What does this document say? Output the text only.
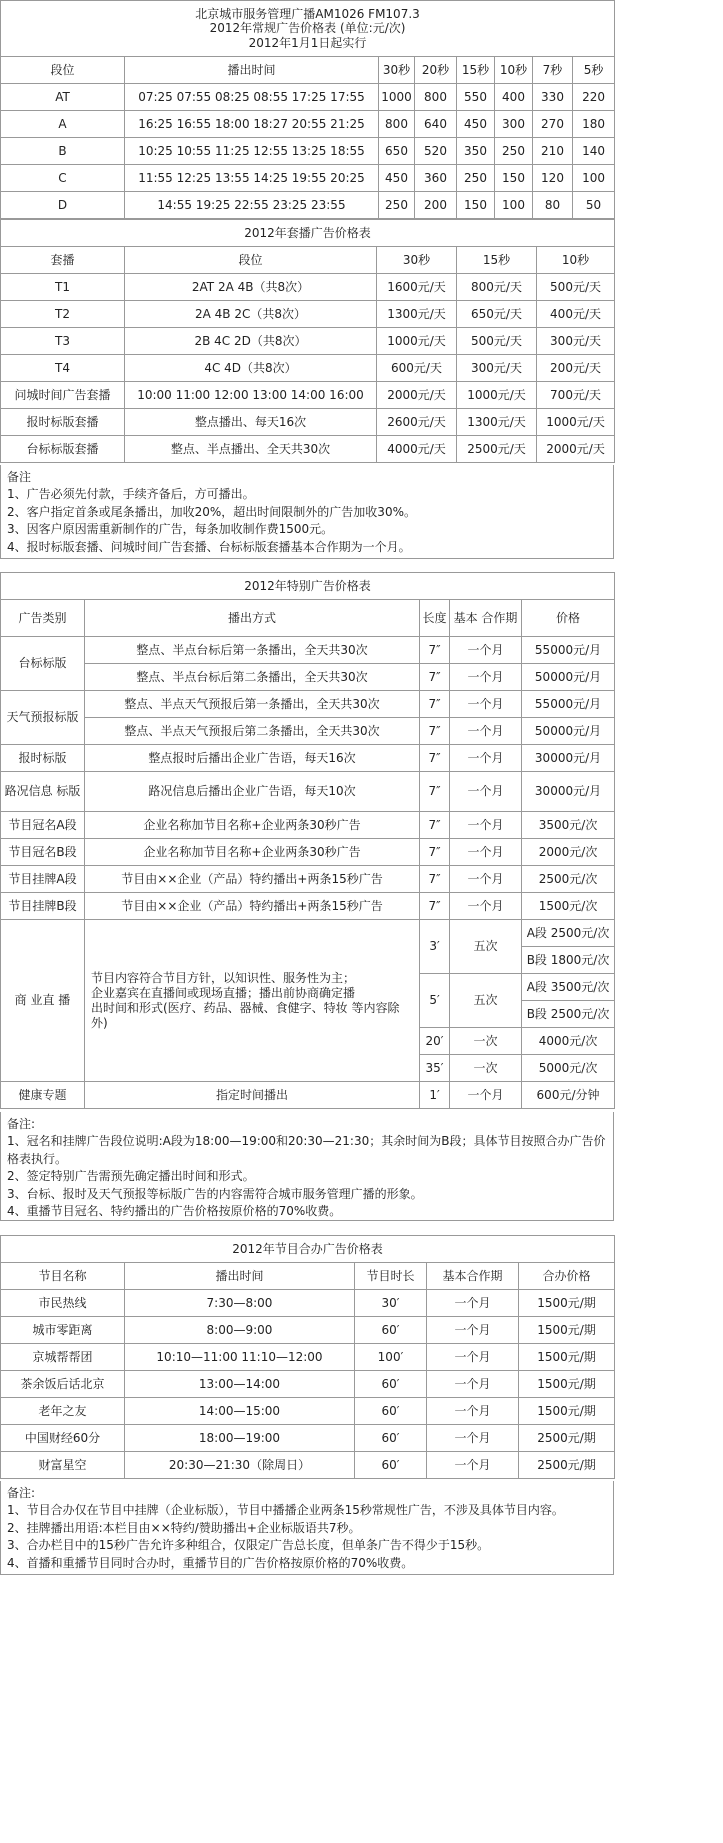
北京城市服务管理广播AM1026 FM107.3
2012年常规广告价格表 (单位:元/次)
2012年1月1日起实行							

段位	播出时间	30秒	20秒	15秒	10秒	7秒	5秒
AT	07:25 07:55 08:25 08:55 17:25 17:55	1000	800	550	400	330	220
A	16:25 16:55 18:00 18:27 20:55 21:25	800	640	450	300	270	180
B	10:25 10:55 11:25 12:55 13:25 18:55	650	520	350	250	210	140
C	11:55 12:25 13:55 14:25 19:55 20:25	450	360	250	150	120	100
D	14:55 19:25 22:55 23:25 23:55	250	200	150	100	80	50
2012年套播广告价格表				
套播	段位	30秒	15秒	10秒
T1	2AT 2A 4B（共8次）	1600元/天	800元/天	500元/天
T2	2A 4B 2C（共8次）	1300元/天	650元/天	400元/天
T3	2B 4C 2D（共8次）	1000元/天	500元/天	300元/天
T4	4C 4D（共8次）	600元/天	300元/天	200元/天
问城时间广告套播	10:00 11:00 12:00 13:00 14:00 16:00	2000元/天	1000元/天	700元/天
报时标版套播	整点播出、每天16次	2600元/天	1300元/天	1000元/天
台标标版套播	整点、半点播出、全天共30次	4000元/天	2500元/天	2000元/天
备注
1、广告必须先付款，手续齐备后，方可播出。
2、客户指定首条或尾条播出，加收20%，超出时间限制外的广告加收30%。
3、因客户原因需重新制作的广告，每条加收制作费1500元。
4、报时标版套播、问城时间广告套播、台标标版套播基本合作期为一个月。
2012年特别广告价格表				
广告类别	播出方式	长度	基本 合作期	价格
台标标版	整点、半点台标后第一条播出，全天共30次	7″	一个月	55000元/月
	整点、半点台标后第二条播出，全天共30次	7″	一个月	50000元/月
天气预报标版	整点、半点天气预报后第一条播出，全天共30次	7″	一个月	55000元/月
	整点、半点天气预报后第二条播出，全天共30次	7″	一个月	50000元/月
报时标版	整点报时后播出企业广告语，每天16次	7″	一个月	30000元/月
路况信息 标版	路况信息后播出企业广告语，每天10次	7″	一个月	30000元/月
节目冠名A段	企业名称加节目名称+企业两条30秒广告	7″	一个月	3500元/次
节目冠名B段	企业名称加节目名称+企业两条30秒广告	7″	一个月	2000元/次
节目挂牌A段	节目由××企业（产品）特约播出+两条15秒广告	7″	一个月	2500元/次
节目挂牌B段	节目由××企业（产品）特约播出+两条15秒广告	7″	一个月	1500元/次
商 业直 播	节目内容符合节目方针，以知识性、服务性为主；
企业嘉宾在直播间或现场直播；播出前协商确定播
出时间和形式(医疗、药品、器械、食健字、特妆 等内容除
外)	3′	五次	A段 2500元/次
				B段 1800元/次
		5′	五次	A段 3500元/次
				B段 2500元/次
		20′	一次	4000元/次
		35′	一次	5000元/次
健康专题	指定时间播出	1′	一个月	600元/分钟
备注:
1、冠名和挂牌广告段位说明:A段为18:00—19:00和20:30—21:30；其余时间为B段；具体节目按照合办广告价
格表执行。
2、签定特别广告需预先确定播出时间和形式。
3、台标、报时及天气预报等标版广告的内容需符合城市服务管理广播的形象。
4、重播节目冠名、特约播出的广告价格按原价格的70%收费。
2012年节目合办广告价格表				
节目名称	播出时间	节目时长	基本合作期	合办价格
市民热线	7:30—8:00	30′	一个月	1500元/期
城市零距离	8:00—9:00	60′	一个月	1500元/期
京城帮帮团	10:10—11:00 11:10—12:00	100′	一个月	1500元/期
茶余饭后话北京	13:00—14:00	60′	一个月	1500元/期
老年之友	14:00—15:00	60′	一个月	1500元/期
中国财经60分	18:00—19:00	60′	一个月	2500元/期
财富星空	20:30—21:30（除周日）	60′	一个月	2500元/期
备注:
1、节目合办仅在节目中挂牌（企业标版），节目中播播企业两条15秒常规性广告，不涉及具体节目内容。
2、挂牌播出用语:本栏目由××特约/赞助播出+企业标版语共7秒。
3、合办栏目中的15秒广告允许多种组合，仅限定广告总长度，但单条广告不得少于15秒。
4、首播和重播节目同时合办时，重播节目的广告价格按原价格的70%收费。
